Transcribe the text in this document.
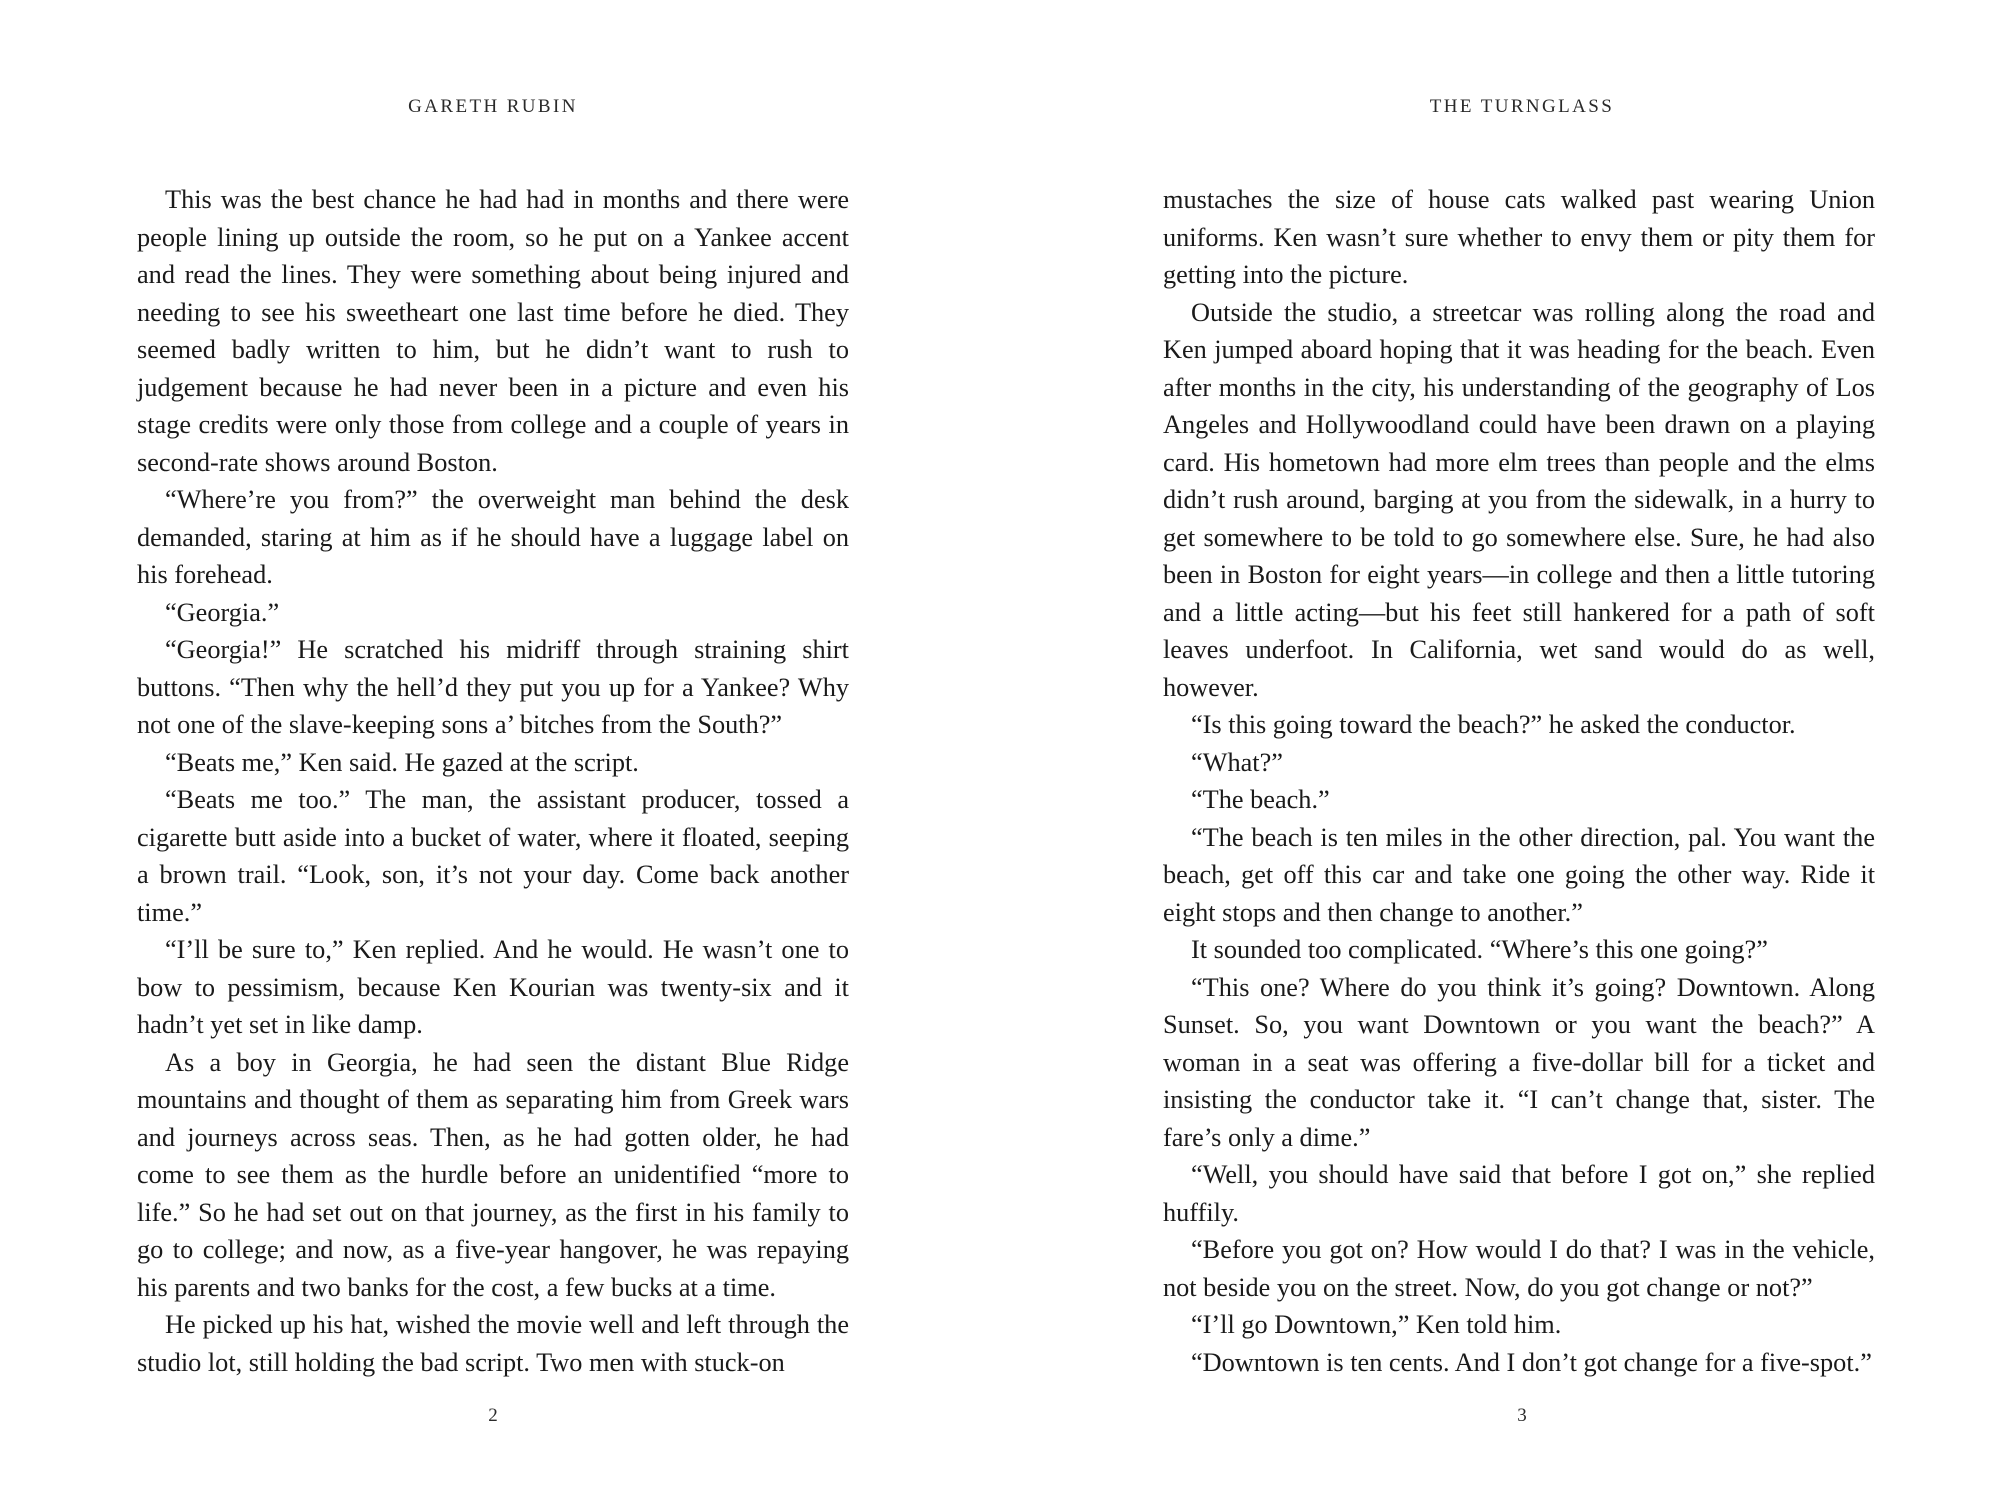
GARETH RUBIN

This was the best chance he had had in months and there were people lining up outside the room, so he put on a Yankee accent and read the lines. They were something about being injured and needing to see his sweetheart one last time before he died. They seemed badly written to him, but he didn’t want to rush to judgement because he had never been in a picture and even his stage credits were only those from college and a couple of years in second-rate shows around Boston.

“Where’re you from?” the overweight man behind the desk demanded, staring at him as if he should have a luggage label on his forehead.

“Georgia.”

“Georgia!” He scratched his midriff through straining shirt buttons. “Then why the hell’d they put you up for a Yankee? Why not one of the slave-keeping sons a’ bitches from the South?”

“Beats me,” Ken said. He gazed at the script.

“Beats me too.” The man, the assistant producer, tossed a cigarette butt aside into a bucket of water, where it floated, seeping a brown trail. “Look, son, it’s not your day. Come back another time.”

“I’ll be sure to,” Ken replied. And he would. He wasn’t one to bow to pessimism, because Ken Kourian was twenty-six and it hadn’t yet set in like damp.

As a boy in Georgia, he had seen the distant Blue Ridge mountains and thought of them as separating him from Greek wars and journeys across seas. Then, as he had gotten older, he had come to see them as the hurdle before an unidentified “more to life.” So he had set out on that journey, as the first in his family to go to college; and now, as a five-year hangover, he was repaying his parents and two banks for the cost, a few bucks at a time.

He picked up his hat, wished the movie well and left through the studio lot, still holding the bad script. Two men with stuck-on

2
THE TURNGLASS

mustaches the size of house cats walked past wearing Union uniforms. Ken wasn’t sure whether to envy them or pity them for getting into the picture.

Outside the studio, a streetcar was rolling along the road and Ken jumped aboard hoping that it was heading for the beach. Even after months in the city, his understanding of the geography of Los Angeles and Hollywoodland could have been drawn on a playing card. His hometown had more elm trees than people and the elms didn’t rush around, barging at you from the sidewalk, in a hurry to get somewhere to be told to go somewhere else. Sure, he had also been in Boston for eight years—in college and then a little tutoring and a little acting—but his feet still hankered for a path of soft leaves underfoot. In California, wet sand would do as well, however.

“Is this going toward the beach?” he asked the conductor.

“What?”

“The beach.”

“The beach is ten miles in the other direction, pal. You want the beach, get off this car and take one going the other way. Ride it eight stops and then change to another.”

It sounded too complicated. “Where’s this one going?”

“This one? Where do you think it’s going? Downtown. Along Sunset. So, you want Downtown or you want the beach?” A woman in a seat was offering a five-dollar bill for a ticket and insisting the conductor take it. “I can’t change that, sister. The fare’s only a dime.”

“Well, you should have said that before I got on,” she replied huffily.

“Before you got on? How would I do that? I was in the vehicle, not beside you on the street. Now, do you got change or not?”

“I’ll go Downtown,” Ken told him.

“Downtown is ten cents. And I don’t got change for a five-spot.”

3
